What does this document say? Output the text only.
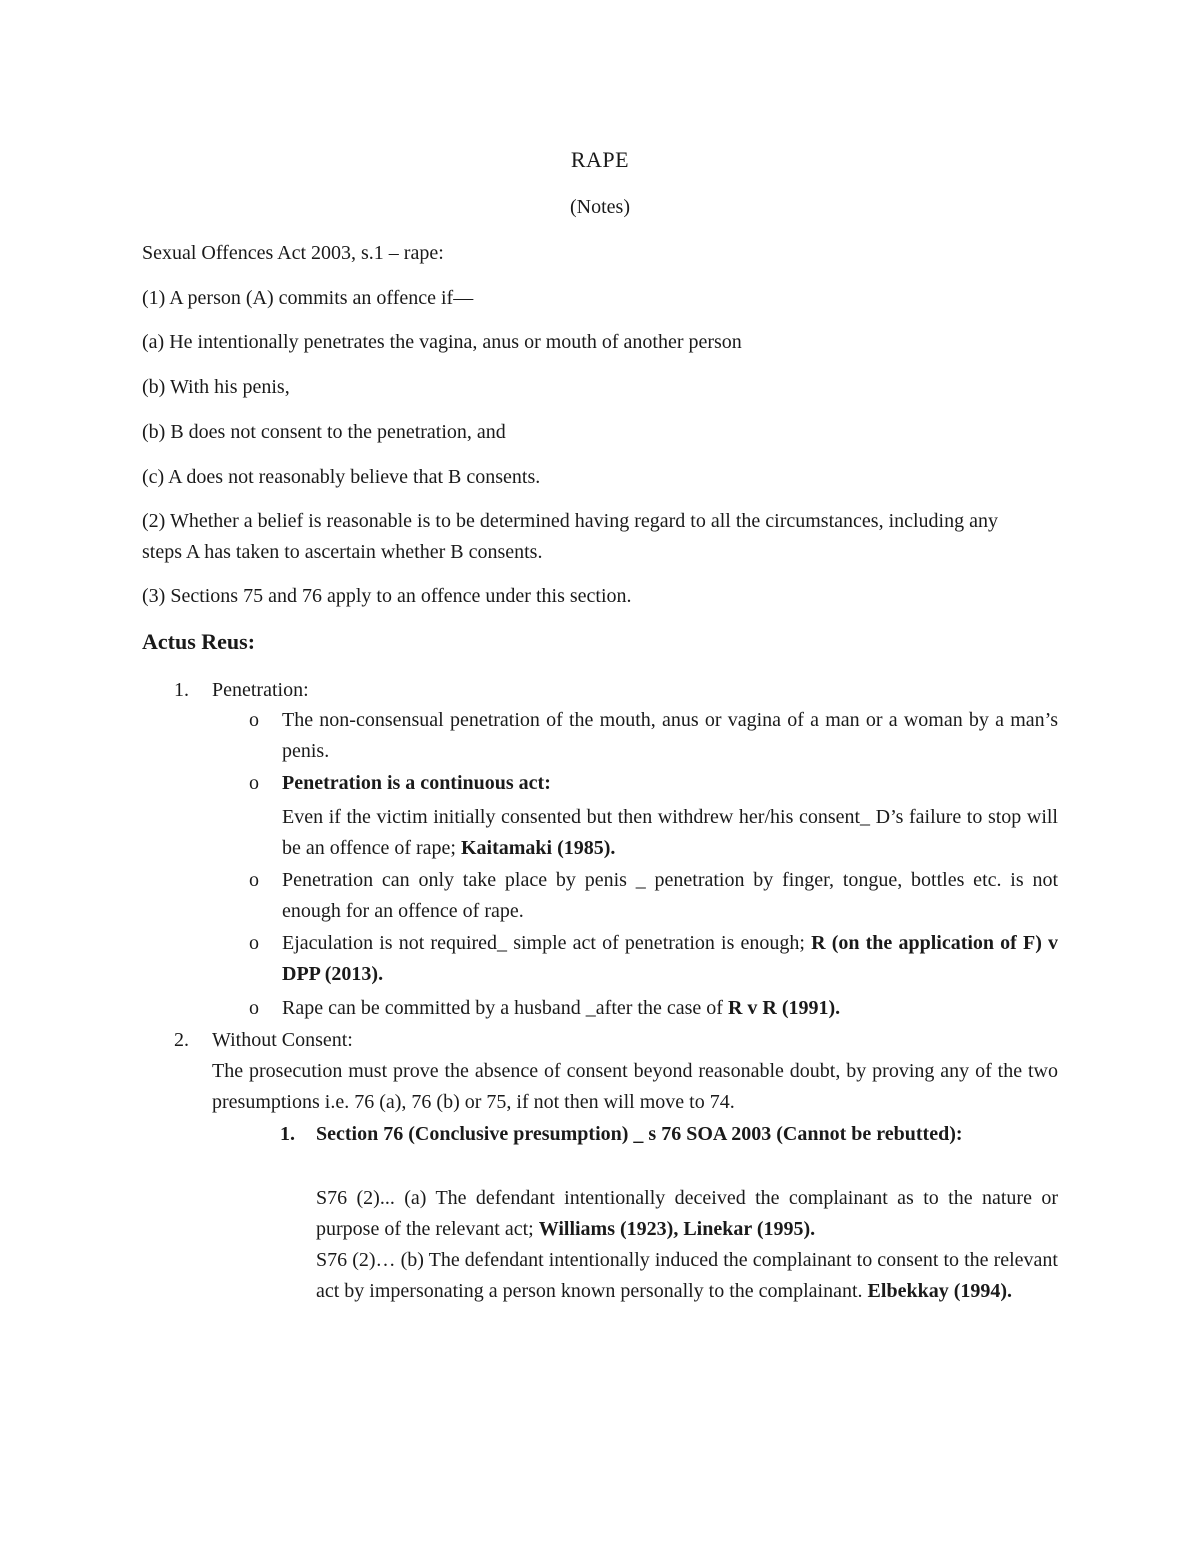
RAPE

(Notes)

Sexual Offences Act 2003, s.1 – rape:

(1) A person (A) commits an offence if—

(a) He intentionally penetrates the vagina, anus or mouth of another person

(b) With his penis,

(b) B does not consent to the penetration, and

(c) A does not reasonably believe that B consents.

(2) Whether a belief is reasonable is to be determined having regard to all the circumstances, including any steps A has taken to ascertain whether B consents.

(3) Sections 75 and 76 apply to an offence under this section.

Actus Reus:

1. Penetration:
o The non-consensual penetration of the mouth, anus or vagina of a man or a woman by a man’s penis.

o Penetration is a continuous act:

Even if the victim initially consented but then withdrew her/his consent_ D’s failure to stop will be an offence of rape; Kaitamaki (1985).

o Penetration can only take place by penis _ penetration by finger, tongue, bottles etc. is not enough for an offence of rape.

o Ejaculation is not required_ simple act of penetration is enough; R (on the application of F) v DPP (2013).

o Rape can be committed by a husband _after the case of R v R (1991).

2. Without Consent:

The prosecution must prove the absence of consent beyond reasonable doubt, by proving any of the two presumptions i.e. 76 (a), 76 (b) or 75, if not then will move to 74.

1. Section 76 (Conclusive presumption) _ s 76 SOA 2003 (Cannot be rebutted):

S76 (2)... (a) The defendant intentionally deceived the complainant as to the nature or purpose of the relevant act; Williams (1923), Linekar (1995).

S76 (2)… (b) The defendant intentionally induced the complainant to consent to the relevant act by impersonating a person known personally to the complainant. Elbekkay (1994).
